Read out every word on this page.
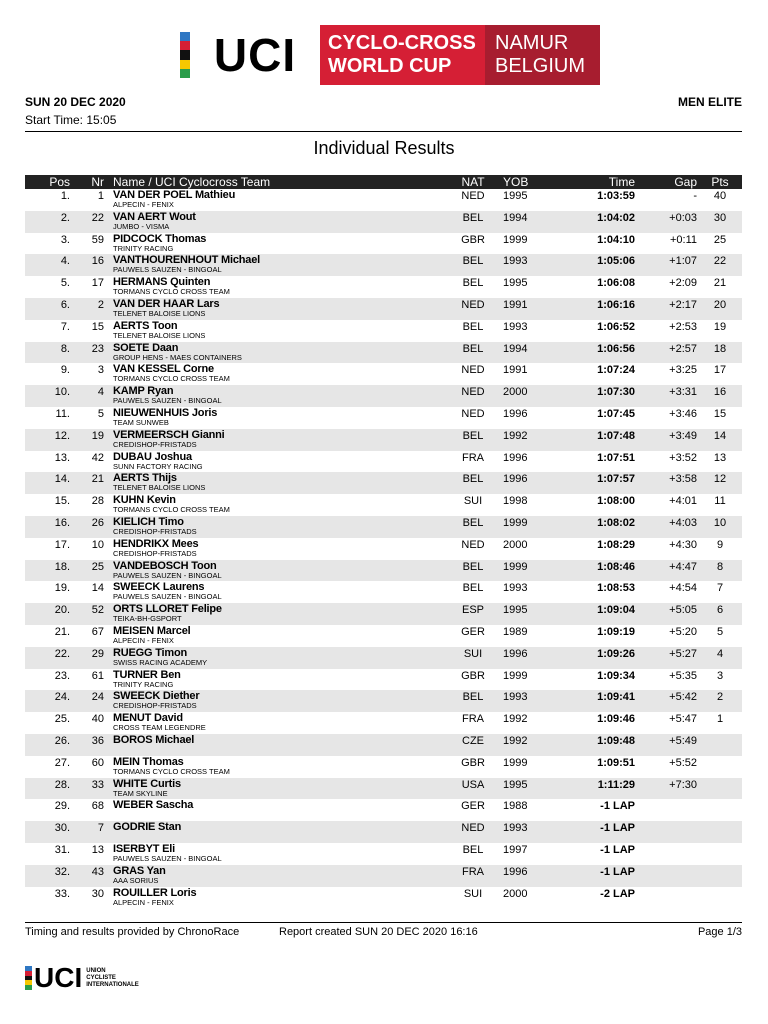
UCI	CYCLO-CROSS
WORLD CUP
NAMUR
BELGIUM
SUN 20 DEC 2020	MEN ELITE
Start Time: 15:05
Individual Results
Pos	Nr Name / UCI Cyclocross Team	NAT	YOB	Time	Gap	Pts
1.	1 VAN DER POEL Mathieu
ALPECIN - FENIX
NED	1995	1:03:59	-	40
2.	22 VAN AERT Wout
JUMBO - VISMA
BEL	1994	1:04:02	+0:03	30
3.	59 PIDCOCK Thomas
TRINITY RACING
GBR	1999	1:04:10	+0:11	25
4.	16 VANTHOURENHOUT Michael
PAUWELS SAUZEN - BINGOAL
BEL	1993	1:05:06	+1:07	22
5.	17 HERMANS Quinten
TORMANS CYCLO CROSS TEAM
BEL	1995	1:06:08	+2:09	21
6.	2 VAN DER HAAR Lars
TELENET BALOISE LIONS
NED	1991	1:06:16	+2:17	20
7.	15 AERTS Toon
TELENET BALOISE LIONS
BEL	1993	1:06:52	+2:53	19
8.	23 SOETE Daan
GROUP HENS - MAES CONTAINERS
BEL	1994	1:06:56	+2:57	18
9.	3 VAN KESSEL Corne
TORMANS CYCLO CROSS TEAM
NED	1991	1:07:24	+3:25	17
10.	4 KAMP Ryan
PAUWELS SAUZEN - BINGOAL
NED	2000	1:07:30	+3:31	16
11.	5 NIEUWENHUIS Joris
TEAM SUNWEB
NED	1996	1:07:45	+3:46	15
12.	19 VERMEERSCH Gianni
CREDISHOP-FRISTADS
BEL	1992	1:07:48	+3:49	14
13.	42 DUBAU Joshua
SUNN FACTORY RACING
FRA	1996	1:07:51	+3:52	13
14.	21 AERTS Thijs
TELENET BALOISE LIONS
BEL	1996	1:07:57	+3:58	12
15.	28 KUHN Kevin
TORMANS CYCLO CROSS TEAM
SUI	1998	1:08:00	+4:01	11
16.	26 KIELICH Timo
CREDISHOP-FRISTADS
BEL	1999	1:08:02	+4:03	10
17.	10 HENDRIKX Mees
CREDISHOP-FRISTADS
NED	2000	1:08:29	+4:30	9
18.	25 VANDEBOSCH Toon
PAUWELS SAUZEN - BINGOAL
BEL	1999	1:08:46	+4:47	8
19.	14 SWEECK Laurens
PAUWELS SAUZEN - BINGOAL
BEL	1993	1:08:53	+4:54	7
20.	52 ORTS LLORET Felipe
TEIKA-BH-GSPORT
ESP	1995	1:09:04	+5:05	6
21.	67 MEISEN Marcel
ALPECIN - FENIX
GER	1989	1:09:19	+5:20	5
22.	29 RUEGG Timon
SWISS RACING ACADEMY
SUI	1996	1:09:26	+5:27	4
23.	61 TURNER Ben
TRINITY RACING
GBR	1999	1:09:34	+5:35	3
24.	24 SWEECK Diether
CREDISHOP-FRISTADS
BEL	1993	1:09:41	+5:42	2
25.	40 MENUT David
CROSS TEAM LEGENDRE
FRA	1992	1:09:46	+5:47	1
26.	36 BOROS Michael	CZE	1992	1:09:48	+5:49
27.	60 MEIN Thomas
TORMANS CYCLO CROSS TEAM
GBR	1999	1:09:51	+5:52
28.	33 WHITE Curtis
TEAM SKYLINE
USA	1995	1:11:29	+7:30
29.	68 WEBER Sascha	GER	1988	-1 LAP
30.	7 GODRIE Stan	NED	1993	-1 LAP
31.	13 ISERBYT Eli
PAUWELS SAUZEN - BINGOAL
BEL	1997	-1 LAP
32.	43 GRAS Yan
AAA SORIUS
FRA	1996	-1 LAP
33.	30 ROUILLER Loris
ALPECIN - FENIX
SUI	2000	-2 LAP
Timing and results provided by ChronoRace	Report created SUN 20 DEC 2020 16:16	Page 1/3
UCI UNION
CYCLISTE
INTERNATIONALE
